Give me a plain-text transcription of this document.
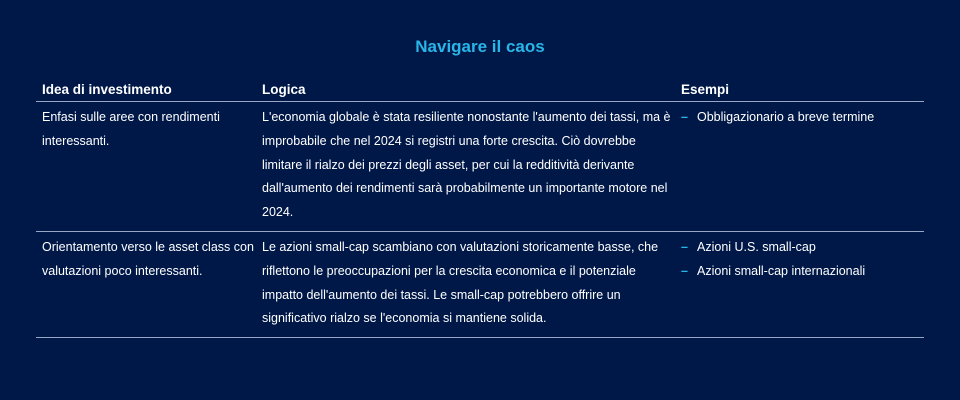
Navigare il caos
Idea di investimento	Logica	Esempi
Enfasi sulle aree con rendimenti interessanti.
L'economia globale è stata resiliente nonostante l'aumento dei tassi, ma è improbabile che nel 2024 si registri una forte crescita. Ciò dovrebbe limitare il rialzo dei prezzi degli asset, per cui la redditività derivante dall'aumento dei rendimenti sarà probabilmente un importante motore nel 2024.
– Obbligazionario a breve termine
Orientamento verso le asset class con valutazioni poco interessanti.
Le azioni small-cap scambiano con valutazioni storicamente basse, che riflettono le preoccupazioni per la crescita economica e il potenziale impatto dell'aumento dei tassi. Le small-cap potrebbero offrire un significativo rialzo se l'economia si mantiene solida.
– Azioni U.S. small-cap
– Azioni small-cap internazionali
